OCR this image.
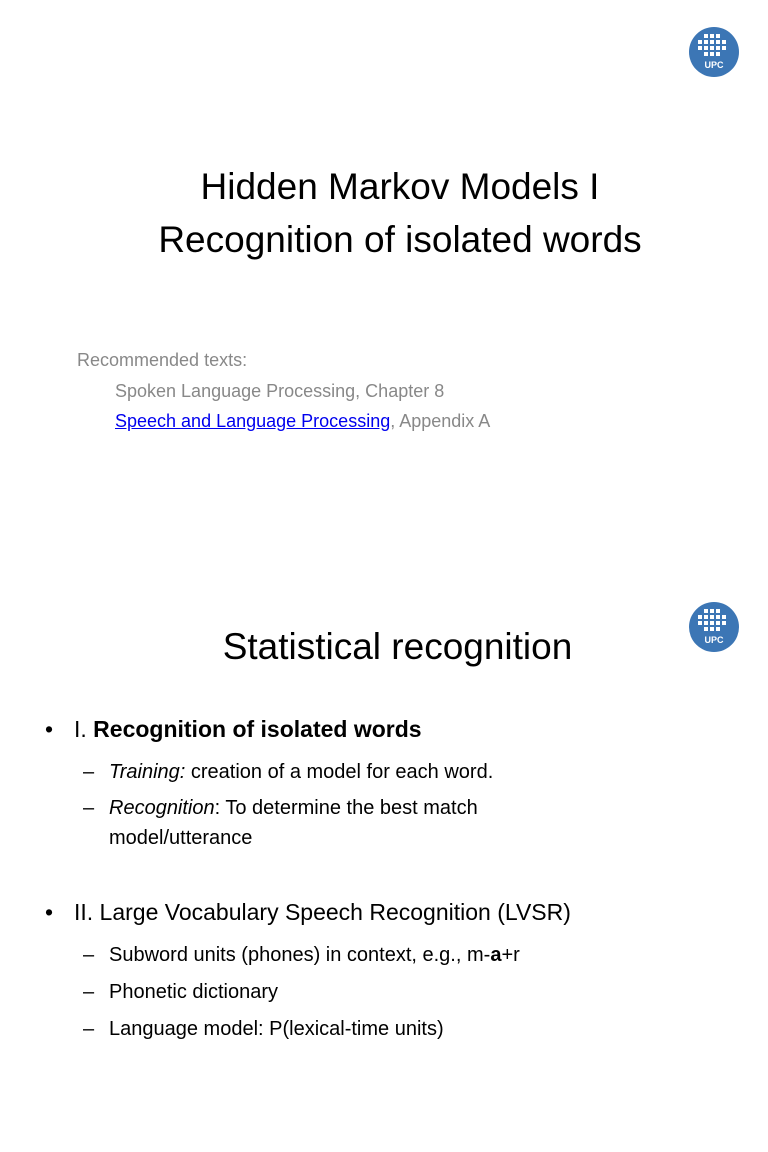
UPC
Hidden Markov Models I
Recognition of isolated words
Recommended texts:
Spoken Language Processing, Chapter 8
Speech and Language Processing, Appendix A
UPC
Statistical recognition
• I. Recognition of isolated words
– Training: creation of a model for each word.
– Recognition: To determine the best match
model/utterance
• II. Large Vocabulary Speech Recognition (LVSR)
– Subword units (phones) in context, e.g., m-a+r
– Phonetic dictionary
– Language model: P(lexical-time units)
